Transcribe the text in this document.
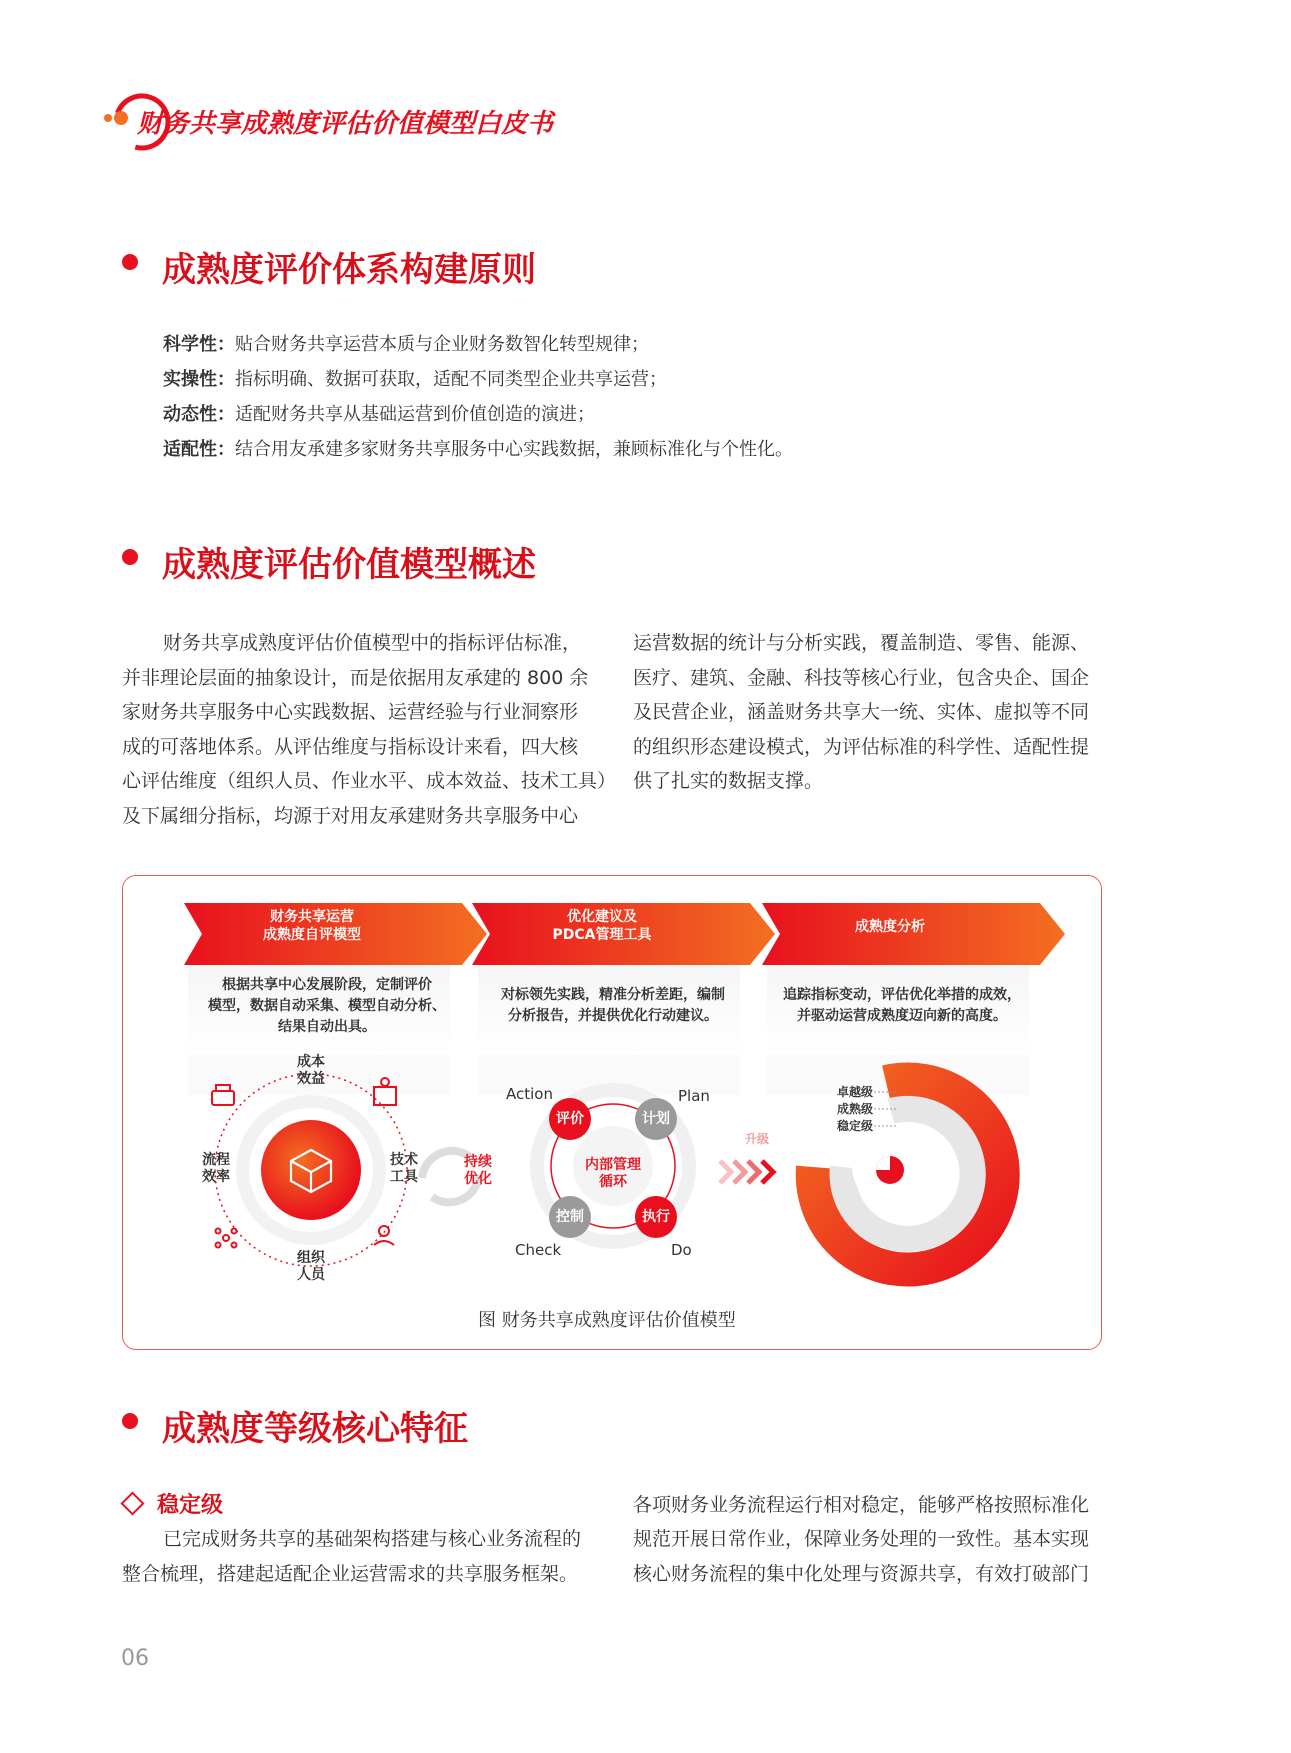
财务共享成熟度评估价值模型白皮书
成熟度评价体系构建原则
科学性：贴合财务共享运营本质与企业财务数智化转型规律；
实操性：指标明确、数据可获取，适配不同类型企业共享运营；
动态性：适配财务共享从基础运营到价值创造的演进；
适配性：结合用友承建多家财务共享服务中心实践数据，兼顾标准化与个性化。
成熟度评估价值模型概述
财务共享成熟度评估价值模型中的指标评估标准，
并非理论层面的抽象设计，而是依据用友承建的 800 余
家财务共享服务中心实践数据、运营经验与行业洞察形
成的可落地体系。从评估维度与指标设计来看，四大核
心评估维度（组织人员、作业水平、成本效益、技术工具）
及下属细分指标，均源于对用友承建财务共享服务中心
运营数据的统计与分析实践，覆盖制造、零售、能源、
医疗、建筑、金融、科技等核心行业，包含央企、国企
及民营企业，涵盖财务共享大一统、实体、虚拟等不同
的组织形态建设模式，为评估标准的科学性、适配性提
供了扎实的数据支撑。
财务共享运营
成熟度自评模型
优化建议及
PDCA管理工具	成熟度分析
根据共享中心发展阶段，定制评价
模型，数据自动采集、模型自动分析、
结果自动出具。
对标领先实践，精准分析差距，编制
分析报告，并提供优化行动建议。
追踪指标变动，评估优化举措的成效，
并驱动运营成熟度迈向新的高度。
成本
效益
流程
效率
技术
工具
组织
人员
持续
优化
内部管理
循环
评价	计划
控制	执行
Action	Plan
Check	Do
升级
卓越级
成熟级
稳定级
图 财务共享成熟度评估价值模型
成熟度等级核心特征
稳定级
已完成财务共享的基础架构搭建与核心业务流程的
整合梳理，搭建起适配企业运营需求的共享服务框架。
各项财务业务流程运行相对稳定，能够严格按照标准化
规范开展日常作业，保障业务处理的一致性。基本实现
核心财务流程的集中化处理与资源共享，有效打破部门
06
